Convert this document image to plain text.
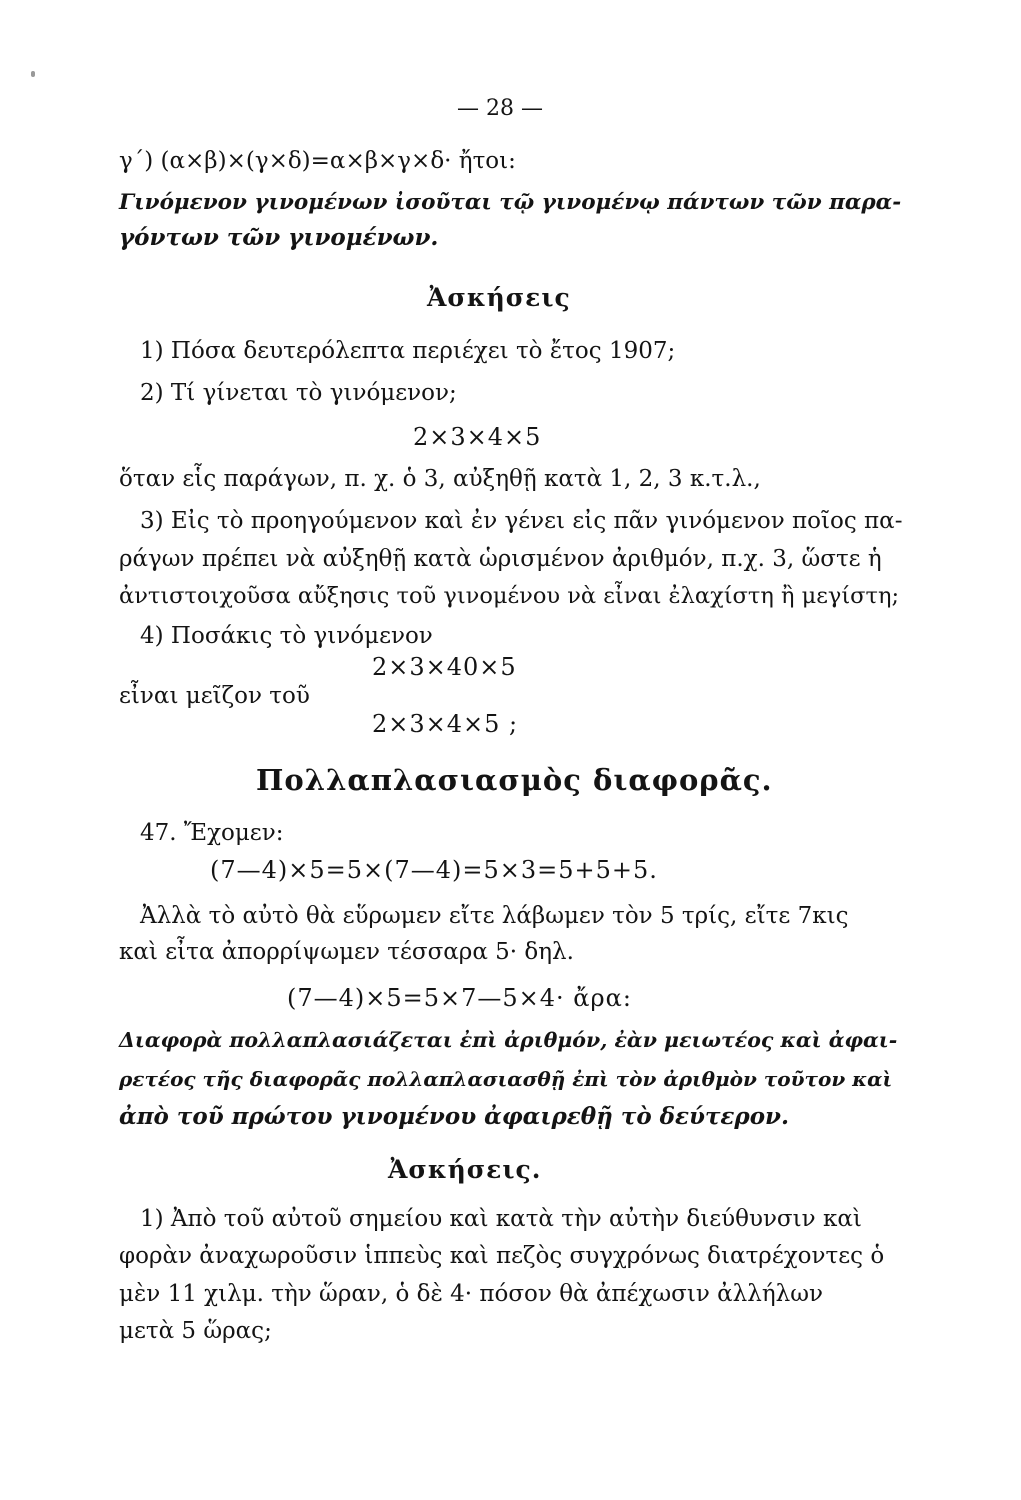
— 28 —
γ΄) (α×β)×(γ×δ)=α×β×γ×δ· ἤτοι:
Γινόμενον γινομένων ἰσοῦται τῷ γινομένῳ πάντων τῶν παρα-
γόντων τῶν γινομένων.
Ἀσκήσεις
1) Πόσα δευτερόλεπτα περιέχει τὸ ἔτος 1907;
2) Τί γίνεται τὸ γινόμενον;
2×3×4×5
ὅταν εἷς παράγων, π. χ. ὁ 3, αὐξηθῇ κατὰ 1, 2, 3 κ.τ.λ.,
3) Εἰς τὸ προηγούμενον καὶ ἐν γένει εἰς πᾶν γινόμενον ποῖος πα-
ράγων πρέπει νὰ αὐξηθῇ κατὰ ὡρισμένον ἀριθμόν, π.χ. 3, ὥστε ἡ
ἀντιστοιχοῦσα αὔξησις τοῦ γινομένου νὰ εἶναι ἐλαχίστη ἢ μεγίστη;
4) Ποσάκις τὸ γινόμενον
2×3×40×5
εἶναι μεῖζον τοῦ
2×3×4×5 ;
Πολλαπλασιασμὸς διαφορᾶς.
47. Ἔχομεν:
(7—4)×5=5×(7—4)=5×3=5+5+5.
Ἀλλὰ τὸ αὐτὸ θὰ εὕρωμεν εἴτε λάβωμεν τὸν 5 τρίς, εἴτε 7κις
καὶ εἶτα ἀπορρίψωμεν τέσσαρα 5· δηλ.
(7—4)×5=5×7—5×4· ἄρα:
Διαφορὰ πολλαπλασιάζεται ἐπὶ ἀριθμόν, ἐὰν μειωτέος καὶ ἀφαι-
ρετέος τῆς διαφορᾶς πολλαπλασιασθῇ ἐπὶ τὸν ἀριθμὸν τοῦτον καὶ
ἀπὸ τοῦ πρώτου γινομένου ἀφαιρεθῇ τὸ δεύτερον.
Ἀσκήσεις.
1) Ἀπὸ τοῦ αὐτοῦ σημείου καὶ κατὰ τὴν αὐτὴν διεύθυνσιν καὶ
φορὰν ἀναχωροῦσιν ἱππεὺς καὶ πεζὸς συγχρόνως διατρέχοντες ὁ
μὲν 11 χιλμ. τὴν ὥραν, ὁ δὲ 4· πόσον θὰ ἀπέχωσιν ἀλλήλων
μετὰ 5 ὥρας;
